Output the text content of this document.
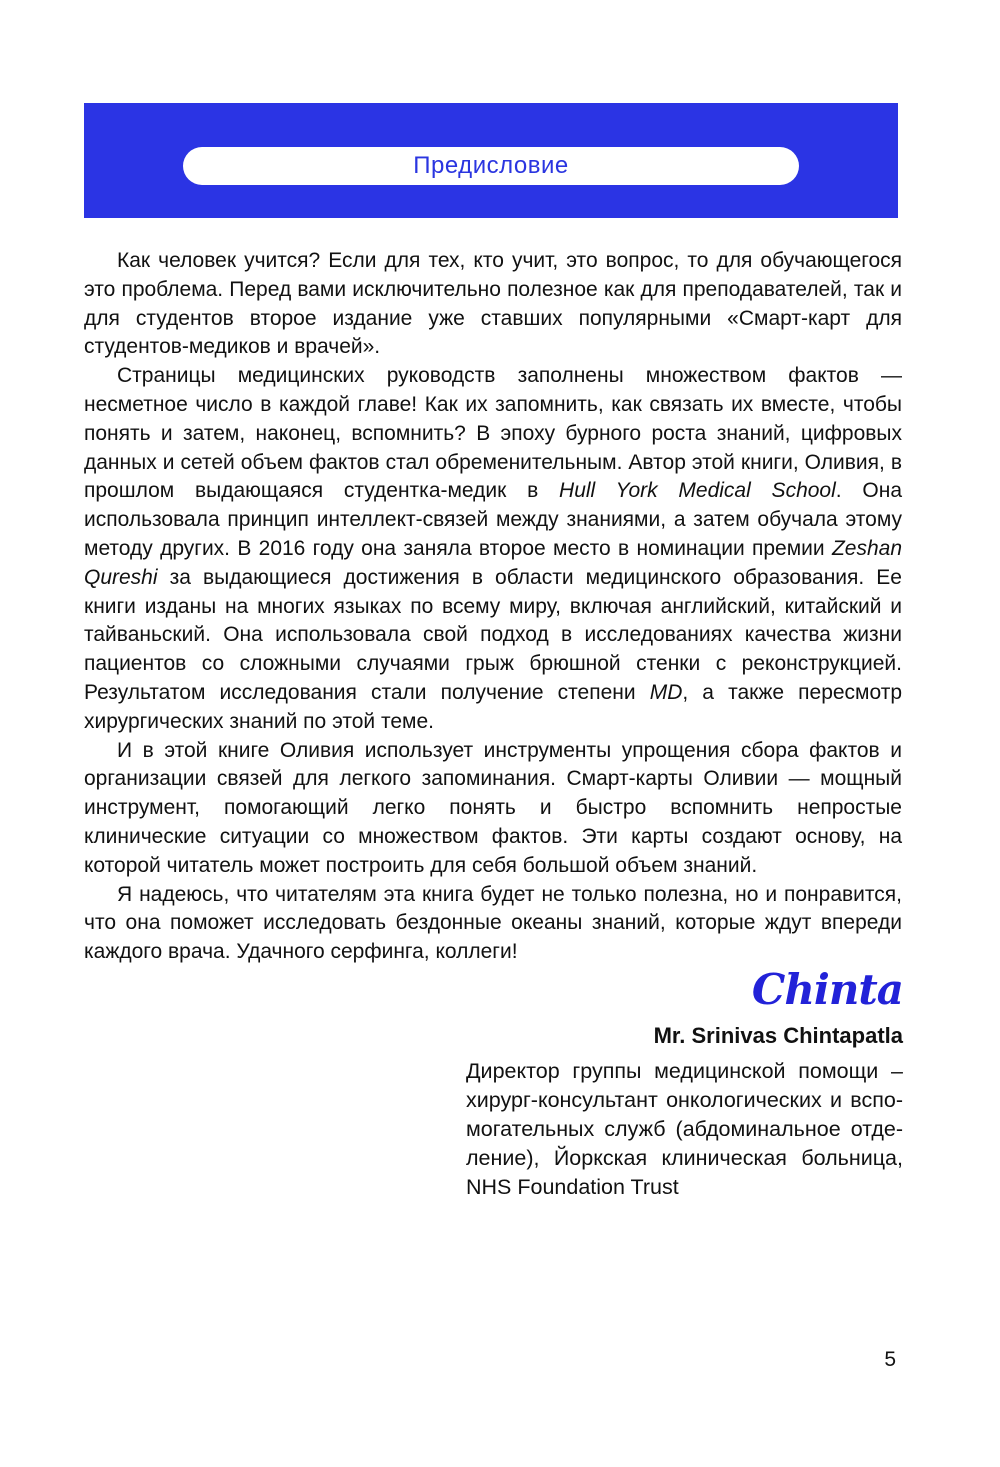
Предисловие

Как человек учится? Если для тех, кто учит, это вопрос, то для обучающегося это проблема. Перед вами исключительно полезное как для преподавателей, так и для студентов второе издание уже ставших популярными «Смарт-карт для студентов-медиков и врачей».

Страницы медицинских руководств заполнены множеством фактов — несметное число в каждой главе! Как их запомнить, как связать их вместе, чтобы понять и затем, наконец, вспомнить? В эпоху бурного роста знаний, цифровых данных и сетей объем фактов стал обременительным. Автор этой книги, Оливия, в прошлом выдающаяся студентка-медик в Hull York Medical School. Она использовала принцип интеллект-связей между знаниями, а затем обучала этому методу других. В 2016 году она заняла второе место в номинации премии Zeshan Qureshi за выдающиеся достижения в области медицинского образования. Ее книги изданы на многих языках по всему миру, включая английский, китайский и тайваньский. Она использовала свой подход в исследованиях качества жизни пациентов со сложными случаями грыж брюшной стенки с реконструкцией. Результатом исследования стали получение степени MD, а также пересмотр хирургических знаний по этой теме.

И в этой книге Оливия использует инструменты упрощения сбора фактов и организации связей для легкого запоминания. Смарт-карты Оливии — мощный инструмент, помогающий легко понять и быстро вспомнить непростые клинические ситуации со множеством фактов. Эти карты создают основу, на которой читатель может построить для себя большой объем знаний.

Я надеюсь, что читателям эта книга будет не только полезна, но и понравится, что она поможет исследовать бездонные океаны знаний, которые ждут впереди каждого врача. Удачного серфинга, коллеги!

Chinta
Mr. Srinivas Chintapatla
Директор группы медицинской помощи –
хирург-консультант онкологических и вспо-
могательных служб (абдоминальное отде-
ление), Йоркская клиническая больница,
NHS Foundation Trust
5
